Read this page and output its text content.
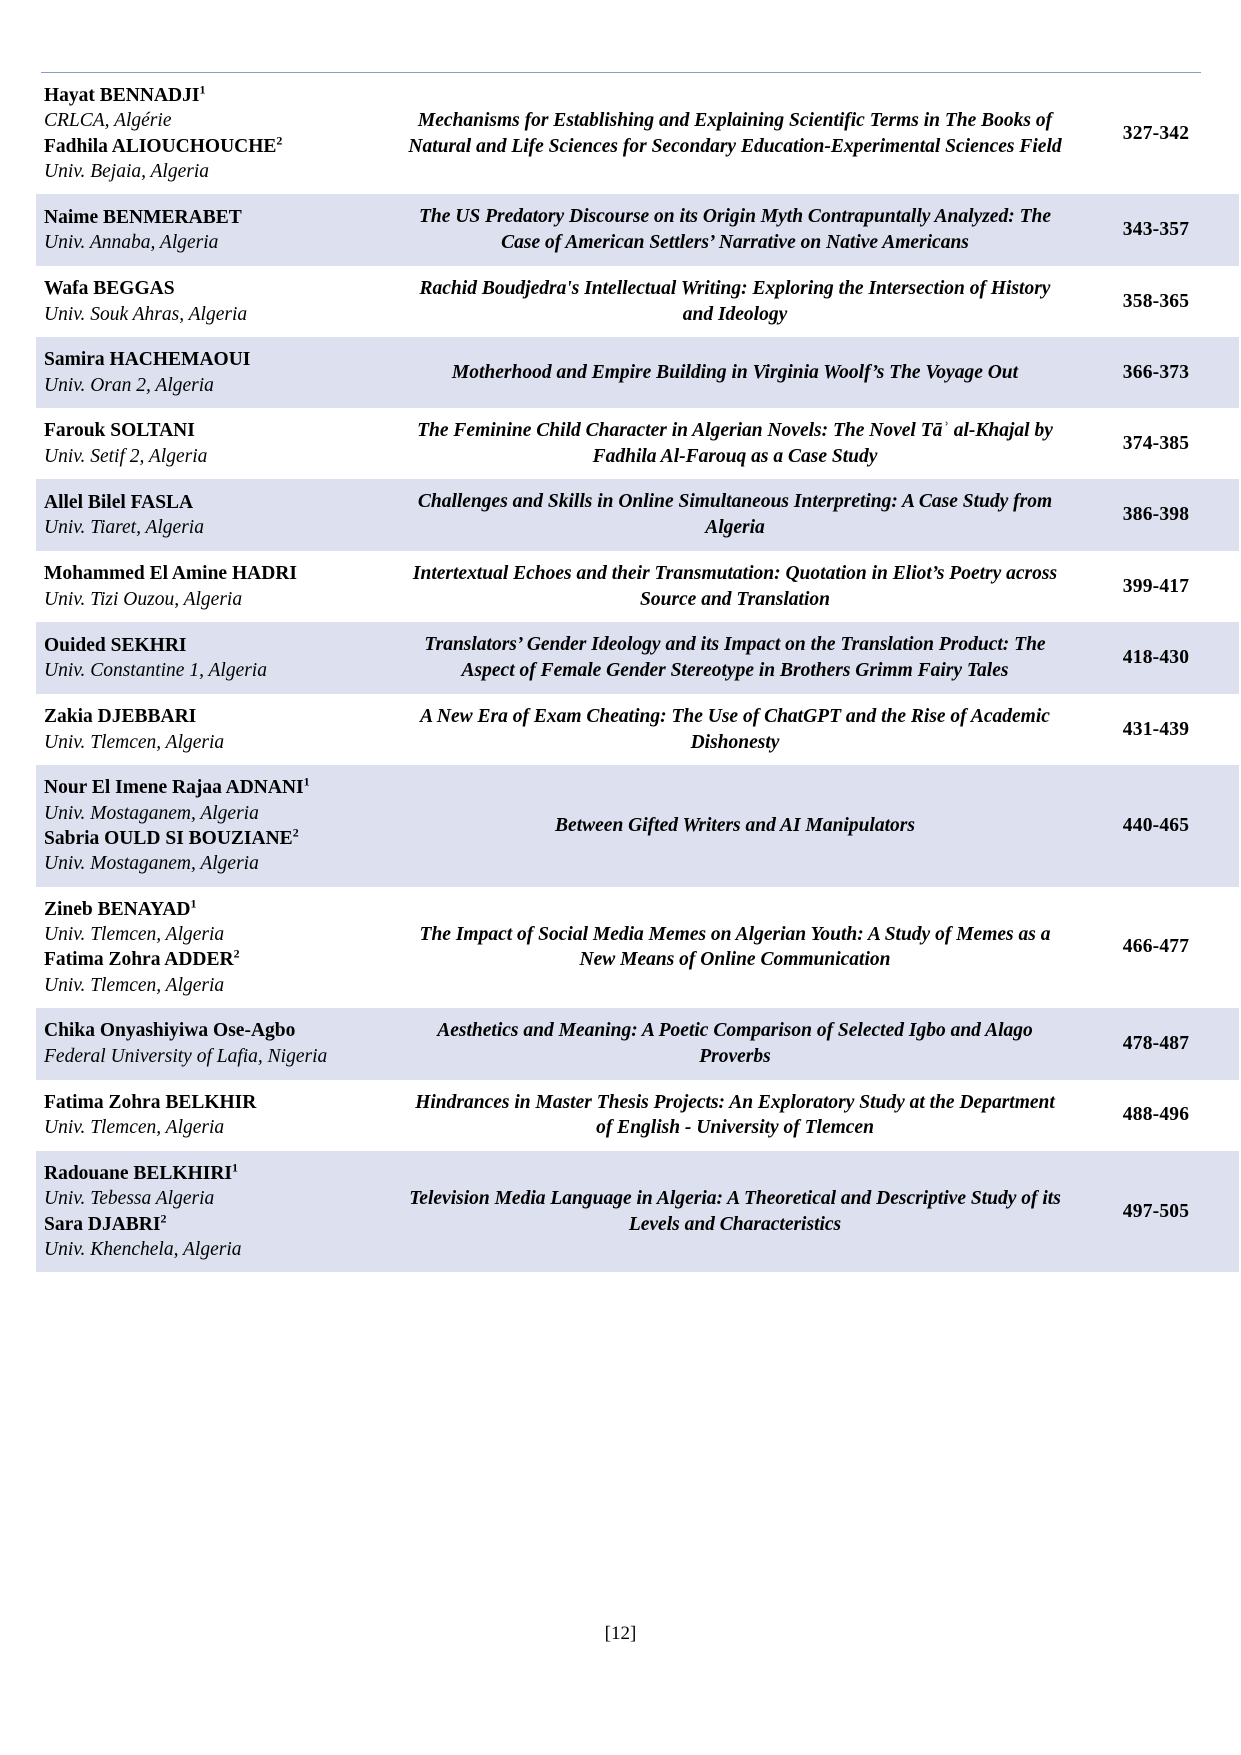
Hayat BENNADJI$^1$
CRLCA, Algérie
Fadhila ALIOUCHOUCHE$^2$
Univ. Bejaia, Algeria	Mechanisms for Establishing and Explaining Scientific Terms in The Books of Natural and Life Sciences for Secondary Education-Experimental Sciences Field	327-342

Naime BENMERABET
Univ. Annaba, Algeria	The US Predatory Discourse on its Origin Myth Contrapuntally Analyzed: The Case of American Settlers’ Narrative on Native Americans	343-357

Wafa BEGGAS
Univ. Souk Ahras, Algeria	Rachid Boudjedra's Intellectual Writing: Exploring the Intersection of History and Ideology	358-365

Samira HACHEMAOUI
Univ. Oran 2, Algeria	Motherhood and Empire Building in Virginia Woolf’s The Voyage Out	366-373

Farouk SOLTANI
Univ. Setif 2, Algeria	The Feminine Child Character in Algerian Novels: The Novel Tāʾ al-Khajal by Fadhila Al-Farouq as a Case Study	374-385

Allel Bilel FASLA
Univ. Tiaret, Algeria	Challenges and Skills in Online Simultaneous Interpreting: A Case Study from Algeria	386-398

Mohammed El Amine HADRI
Univ. Tizi Ouzou, Algeria	Intertextual Echoes and their Transmutation: Quotation in Eliot’s Poetry across Source and Translation	399-417

Ouided SEKHRI
Univ. Constantine 1, Algeria	Translators’ Gender Ideology and its Impact on the Translation Product: The Aspect of Female Gender Stereotype in Brothers Grimm Fairy Tales	418-430

Zakia DJEBBARI
Univ. Tlemcen, Algeria	A New Era of Exam Cheating: The Use of ChatGPT and the Rise of Academic Dishonesty	431-439

Nour El Imene Rajaa ADNANI$^1$
Univ. Mostaganem, Algeria
Sabria OULD SI BOUZIANE$^2$
Univ. Mostaganem, Algeria	Between Gifted Writers and AI Manipulators	440-465

Zineb BENAYAD$^1$
Univ. Tlemcen, Algeria
Fatima Zohra ADDER$^2$
Univ. Tlemcen, Algeria	The Impact of Social Media Memes on Algerian Youth: A Study of Memes as a New Means of Online Communication	466-477

Chika Onyashiyiwa Ose-Agbo
Federal University of Lafia, Nigeria	Aesthetics and Meaning: A Poetic Comparison of Selected Igbo and Alago Proverbs	478-487

Fatima Zohra BELKHIR
Univ. Tlemcen, Algeria	Hindrances in Master Thesis Projects: An Exploratory Study at the Department of English - University of Tlemcen	488-496

Radouane BELKHIRI$^1$
Univ. Tebessa Algeria
Sara DJABRI$^2$
Univ. Khenchela, Algeria	Television Media Language in Algeria: A Theoretical and Descriptive Study of its Levels and Characteristics	497-505
[12]
